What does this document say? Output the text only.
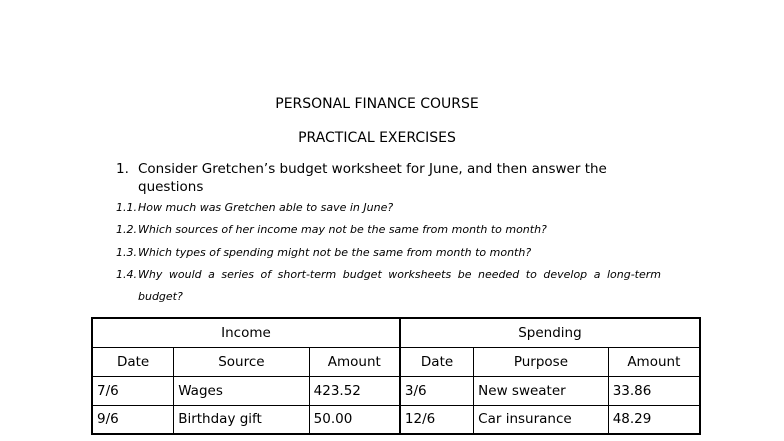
PERSONAL FINANCE COURSE
PRACTICAL EXERCISES
1. Consider Gretchen’s budget worksheet for June, and then answer the questions
1.1. How much was Gretchen able to save in June?
1.2. Which sources of her income may not be the same from month to month?
1.3. Which types of spending might not be the same from month to month?
1.4. Why would a series of short-term budget worksheets be needed to develop a long-term budget?
Income			Spending		
Date	Source	Amount	Date	Purpose	Amount
7/6	Wages	423.52	3/6	New sweater	33.86
9/6	Birthday gift	50.00	12/6	Car insurance	48.29
